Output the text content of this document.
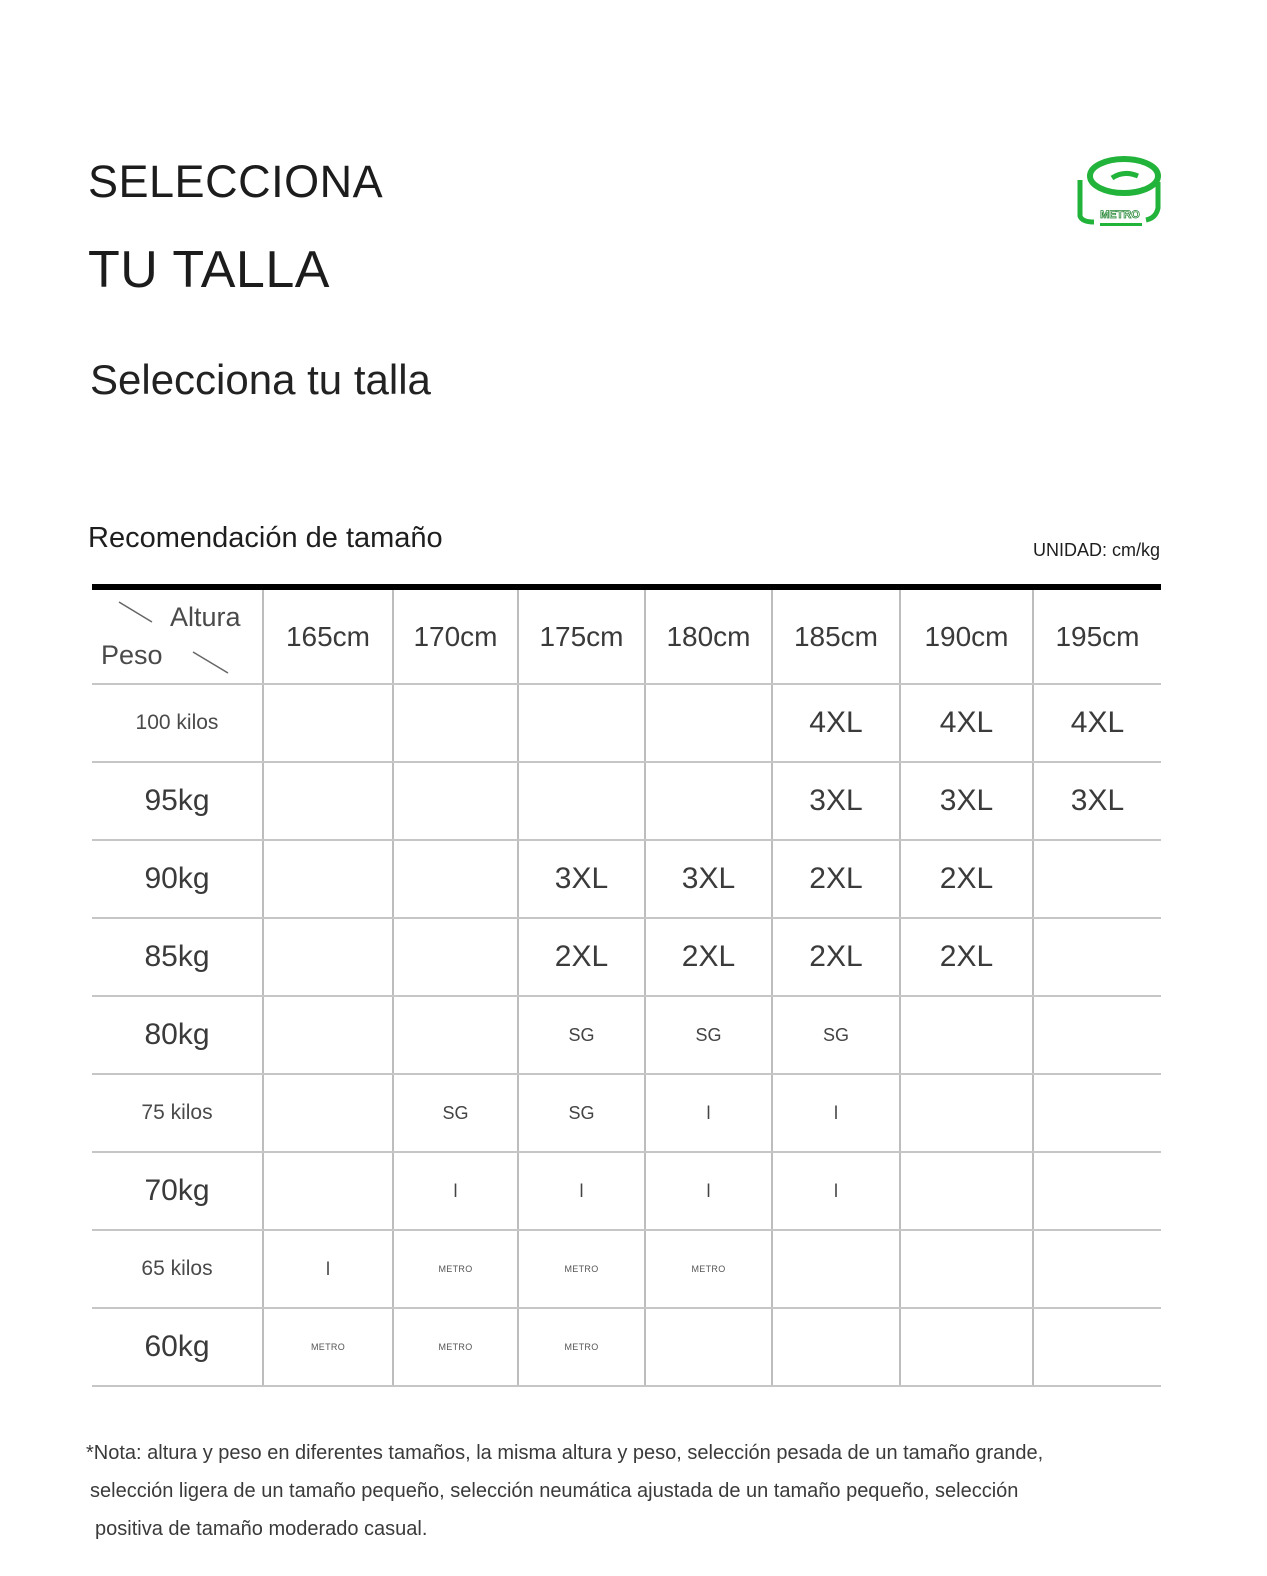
SELECCIONA
TU TALLA
Selecciona tu talla
METRO
Recomendación de tamaño	UNIDAD: cm/kg
Altura
Peso	165cm	170cm	175cm	180cm	185cm	190cm	195cm
100 kilos					4XL	4XL	4XL
95kg					3XL	3XL	3XL
90kg			3XL	3XL	2XL	2XL	
85kg			2XL	2XL	2XL	2XL	
80kg			SG	SG	SG		
75 kilos		SG	SG	l	l		
70kg		l	l	l	l		
65 kilos	l	METRO	METRO	METRO			
60kg	METRO	METRO	METRO				
*Nota: altura y peso en diferentes tamaños, la misma altura y peso, selección pesada de un tamaño grande,
selección ligera de un tamaño pequeño, selección neumática ajustada de un tamaño pequeño, selección
positiva de tamaño moderado casual.
